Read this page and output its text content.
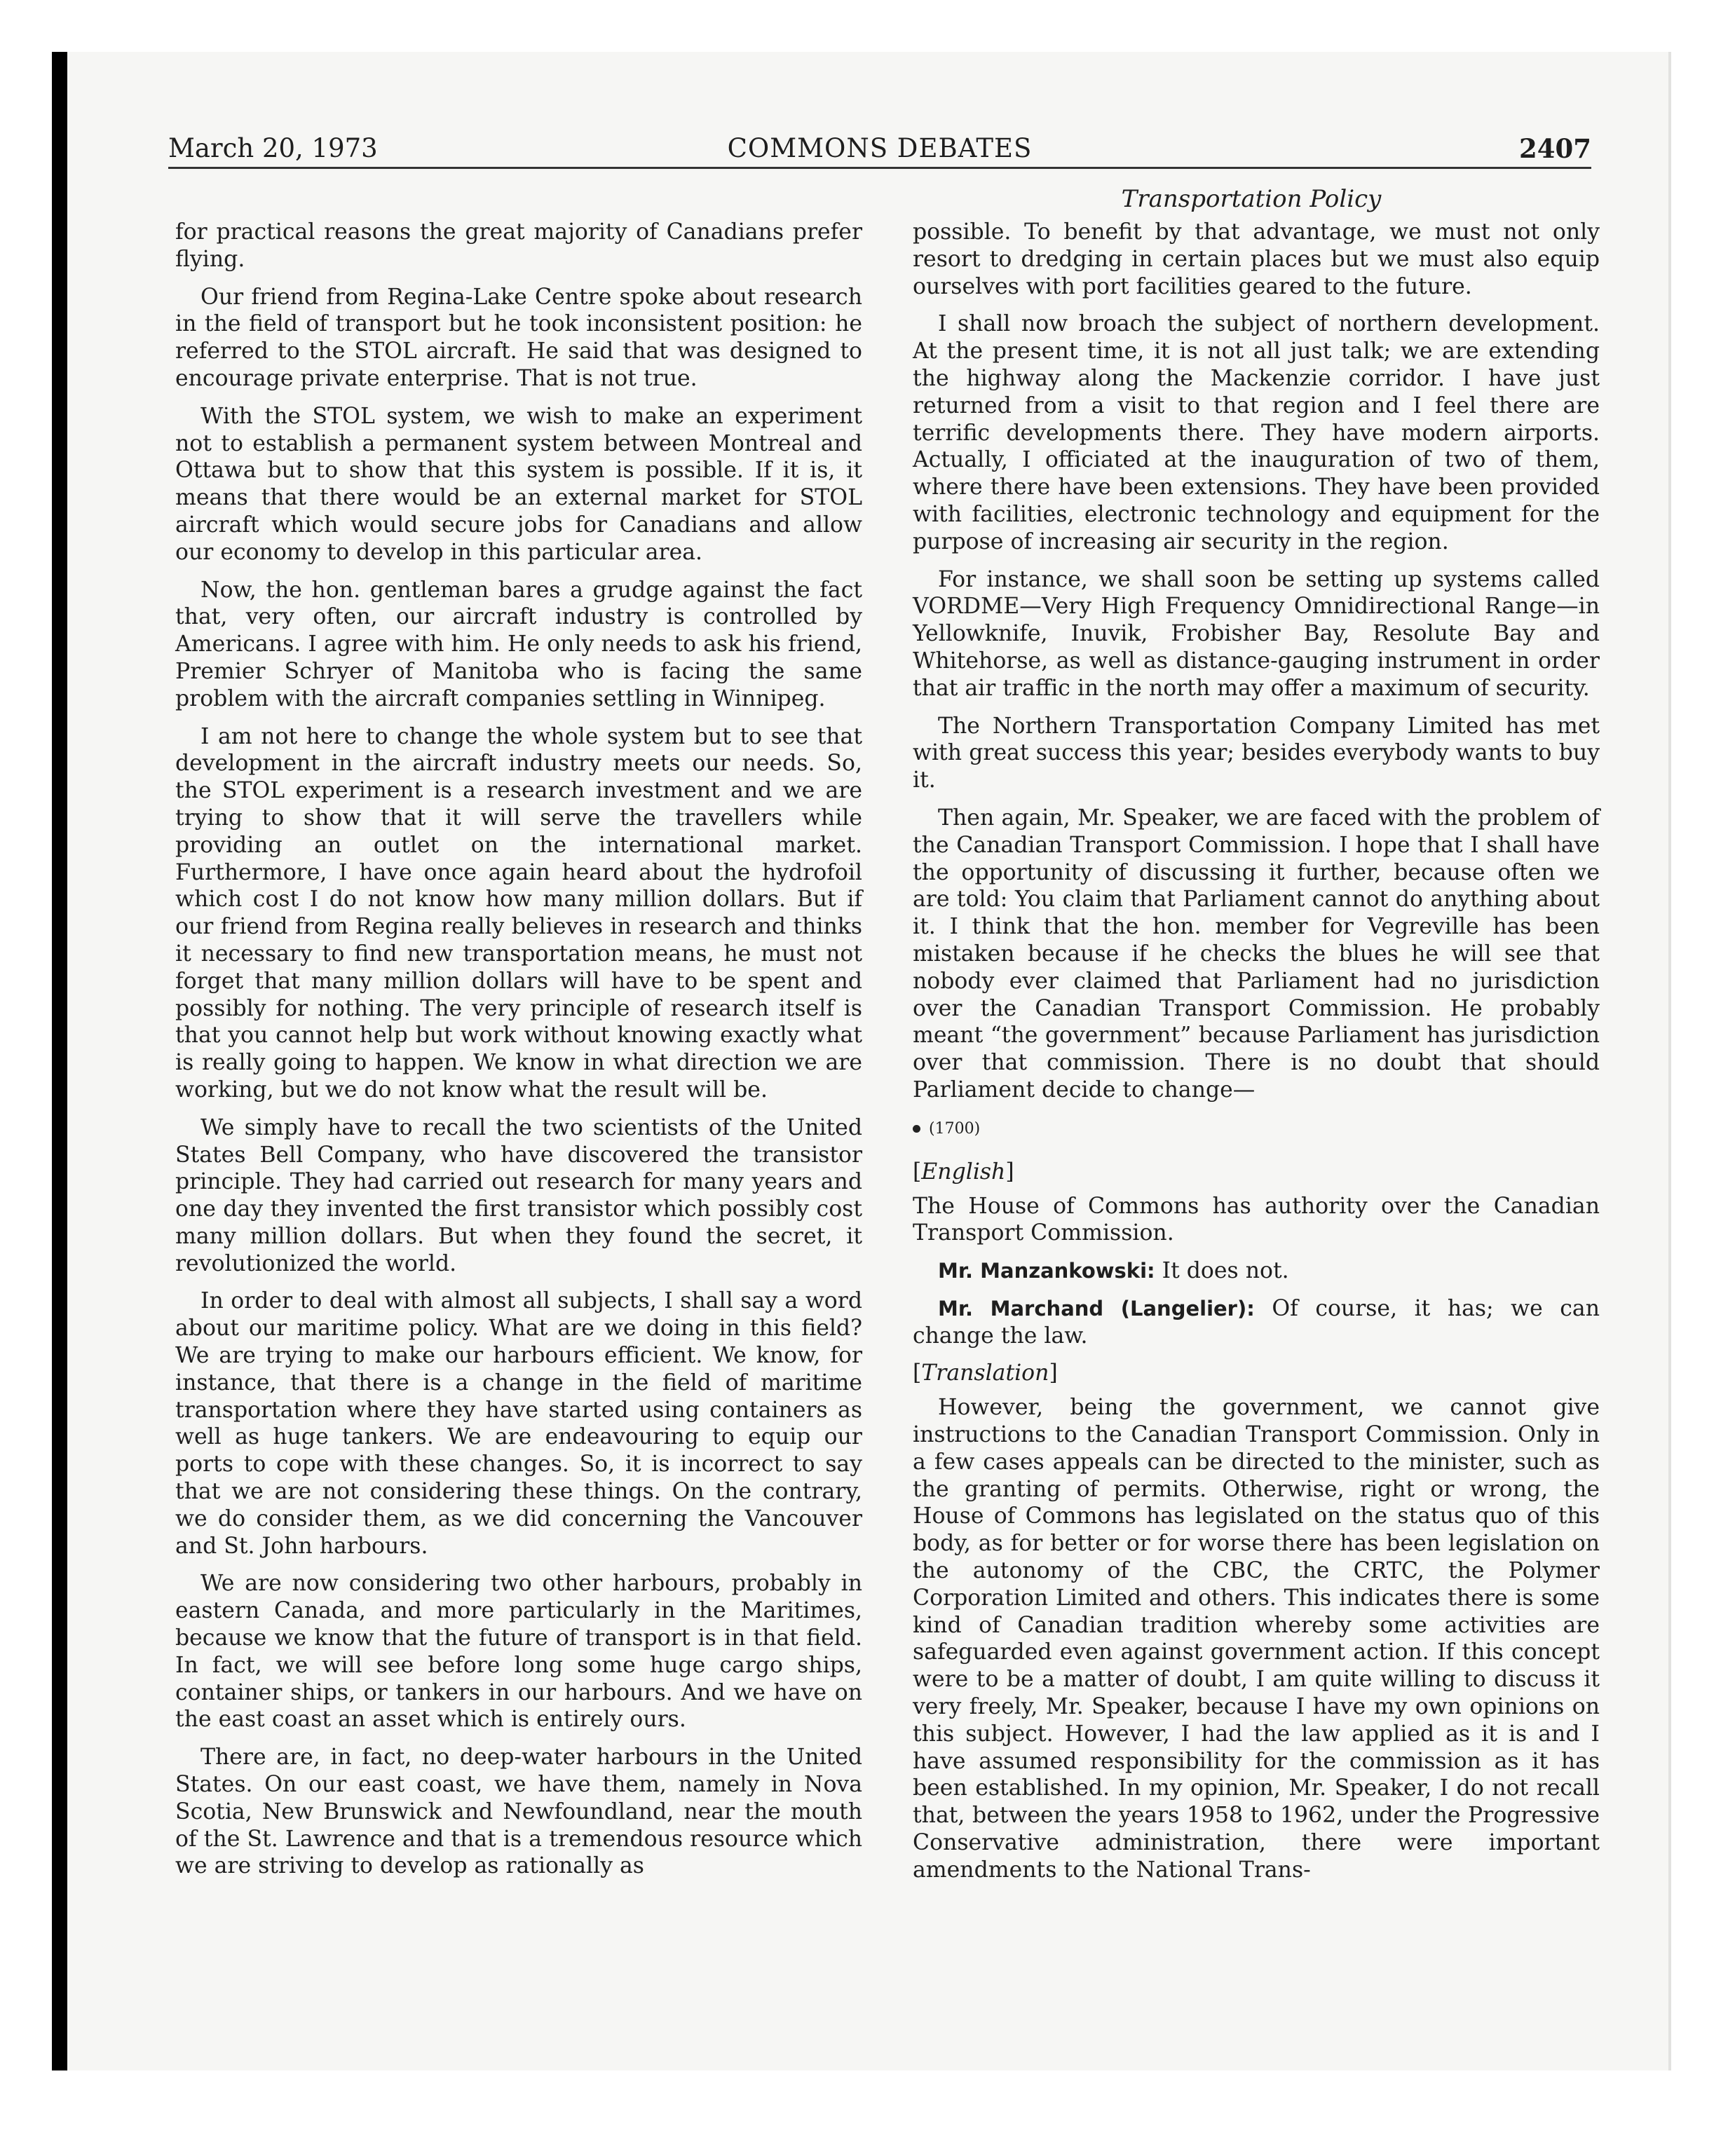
March 20, 1973	COMMONS DEBATES	2407
Transportation Policy

for practical reasons the great majority of Canadians prefer flying.

Our friend from Regina-Lake Centre spoke about research in the field of transport but he took inconsistent position: he referred to the STOL aircraft. He said that was designed to encourage private enterprise. That is not true.

With the STOL system, we wish to make an experiment not to establish a permanent system between Montreal and Ottawa but to show that this system is possible. If it is, it means that there would be an external market for STOL aircraft which would secure jobs for Canadians and allow our economy to develop in this particular area.

Now, the hon. gentleman bares a grudge against the fact that, very often, our aircraft industry is controlled by Americans. I agree with him. He only needs to ask his friend, Premier Schryer of Manitoba who is facing the same problem with the aircraft companies settling in Winnipeg.

I am not here to change the whole system but to see that development in the aircraft industry meets our needs. So, the STOL experiment is a research investment and we are trying to show that it will serve the travellers while providing an outlet on the international market. Furthermore, I have once again heard about the hydrofoil which cost I do not know how many million dollars. But if our friend from Regina really believes in research and thinks it necessary to find new transportation means, he must not forget that many million dollars will have to be spent and possibly for nothing. The very principle of research itself is that you cannot help but work without knowing exactly what is really going to happen. We know in what direction we are working, but we do not know what the result will be.

We simply have to recall the two scientists of the United States Bell Company, who have discovered the transistor principle. They had carried out research for many years and one day they invented the first transistor which possibly cost many million dollars. But when they found the secret, it revolutionized the world.

In order to deal with almost all subjects, I shall say a word about our maritime policy. What are we doing in this field? We are trying to make our harbours efficient. We know, for instance, that there is a change in the field of maritime transportation where they have started using containers as well as huge tankers. We are endeavouring to equip our ports to cope with these changes. So, it is incorrect to say that we are not considering these things. On the contrary, we do consider them, as we did concerning the Vancouver and St. John harbours.

We are now considering two other harbours, probably in eastern Canada, and more particularly in the Maritimes, because we know that the future of transport is in that field. In fact, we will see before long some huge cargo ships, container ships, or tankers in our harbours. And we have on the east coast an asset which is entirely ours.

There are, in fact, no deep-water harbours in the United States. On our east coast, we have them, namely in Nova Scotia, New Brunswick and Newfoundland, near the mouth of the St. Lawrence and that is a tremendous resource which we are striving to develop as rationally as

possible. To benefit by that advantage, we must not only resort to dredging in certain places but we must also equip ourselves with port facilities geared to the future.

I shall now broach the subject of northern development. At the present time, it is not all just talk; we are extending the highway along the Mackenzie corridor. I have just returned from a visit to that region and I feel there are terrific developments there. They have modern airports. Actually, I officiated at the inauguration of two of them, where there have been extensions. They have been provided with facilities, electronic technology and equipment for the purpose of increasing air security in the region.

For instance, we shall soon be setting up systems called VORDME—Very High Frequency Omnidirectional Range—in Yellowknife, Inuvik, Frobisher Bay, Resolute Bay and Whitehorse, as well as distance-gauging instrument in order that air traffic in the north may offer a maximum of security.

The Northern Transportation Company Limited has met with great success this year; besides everybody wants to buy it.

Then again, Mr. Speaker, we are faced with the problem of the Canadian Transport Commission. I hope that I shall have the opportunity of discussing it further, because often we are told: You claim that Parliament cannot do anything about it. I think that the hon. member for Vegreville has been mistaken because if he checks the blues he will see that nobody ever claimed that Parliament had no jurisdiction over the Canadian Transport Commission. He probably meant “the government” because Parliament has jurisdiction over that commission. There is no doubt that should Parliament decide to change—

(1700)
[English]

The House of Commons has authority over the Canadian Transport Commission.

Mr. Manzankowski: It does not.

Mr. Marchand (Langelier): Of course, it has; we can change the law.

[Translation]

However, being the government, we cannot give instructions to the Canadian Transport Commission. Only in a few cases appeals can be directed to the minister, such as the granting of permits. Otherwise, right or wrong, the House of Commons has legislated on the status quo of this body, as for better or for worse there has been legislation on the autonomy of the CBC, the CRTC, the Polymer Corporation Limited and others. This indicates there is some kind of Canadian tradition whereby some activities are safeguarded even against government action. If this concept were to be a matter of doubt, I am quite willing to discuss it very freely, Mr. Speaker, because I have my own opinions on this subject. However, I had the law applied as it is and I have assumed responsibility for the commission as it has been established. In my opinion, Mr. Speaker, I do not recall that, between the years 1958 to 1962, under the Progressive Conservative administration, there were important amendments to the National Trans-
